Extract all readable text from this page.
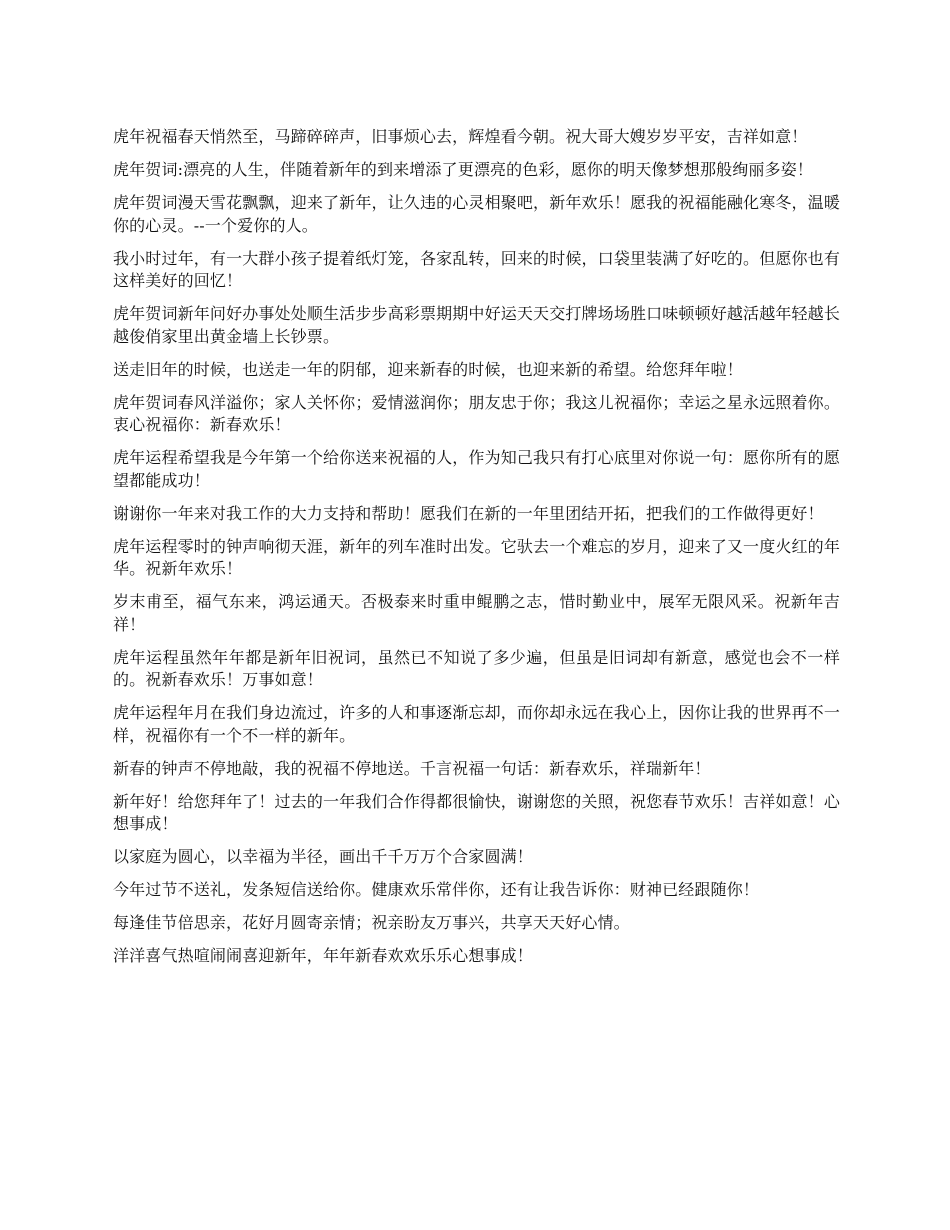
虎年祝福春天悄然至，马蹄碎碎声，旧事烦心去，辉煌看今朝。祝大哥大嫂岁岁平安，吉祥如意！

虎年贺词:漂亮的人生，伴随着新年的到来增添了更漂亮的色彩，愿你的明天像梦想那般绚丽多姿！

虎年贺词漫天雪花飘飘，迎来了新年，让久违的心灵相聚吧，新年欢乐！愿我的祝福能融化寒冬，温暖你的心灵。--一个爱你的人。

我小时过年，有一大群小孩子提着纸灯笼，各家乱转，回来的时候，口袋里装满了好吃的。但愿你也有这样美好的回忆！

虎年贺词新年问好办事处处顺生活步步高彩票期期中好运天天交打牌场场胜口味顿顿好越活越年轻越长越俊俏家里出黄金墙上长钞票。

送走旧年的时候，也送走一年的阴郁，迎来新春的时候，也迎来新的希望。给您拜年啦！

虎年贺词春风洋溢你；家人关怀你；爱情滋润你；朋友忠于你；我这儿祝福你；幸运之星永远照着你。衷心祝福你：新春欢乐！

虎年运程希望我是今年第一个给你送来祝福的人，作为知己我只有打心底里对你说一句：愿你所有的愿望都能成功！

谢谢你一年来对我工作的大力支持和帮助！愿我们在新的一年里团结开拓，把我们的工作做得更好！

虎年运程零时的钟声响彻天涯，新年的列车准时出发。它驮去一个难忘的岁月，迎来了又一度火红的年华。祝新年欢乐！

岁末甫至，福气东来，鸿运通天。否极泰来时重申鲲鹏之志，惜时勤业中，展军无限风采。祝新年吉祥！

虎年运程虽然年年都是新年旧祝词，虽然已不知说了多少遍，但虽是旧词却有新意，感觉也会不一样的。祝新春欢乐！万事如意！

虎年运程年月在我们身边流过，许多的人和事逐渐忘却，而你却永远在我心上，因你让我的世界再不一样，祝福你有一个不一样的新年。

新春的钟声不停地敲，我的祝福不停地送。千言祝福一句话：新春欢乐，祥瑞新年！

新年好！给您拜年了！过去的一年我们合作得都很愉快，谢谢您的关照，祝您春节欢乐！吉祥如意！心想事成！

以家庭为圆心，以幸福为半径，画出千千万万个合家圆满！

今年过节不送礼，发条短信送给你。健康欢乐常伴你，还有让我告诉你：财神已经跟随你！

每逢佳节倍思亲，花好月圆寄亲情；祝亲盼友万事兴，共享天天好心情。

洋洋喜气热喧闹闹喜迎新年，年年新春欢欢乐乐心想事成！
